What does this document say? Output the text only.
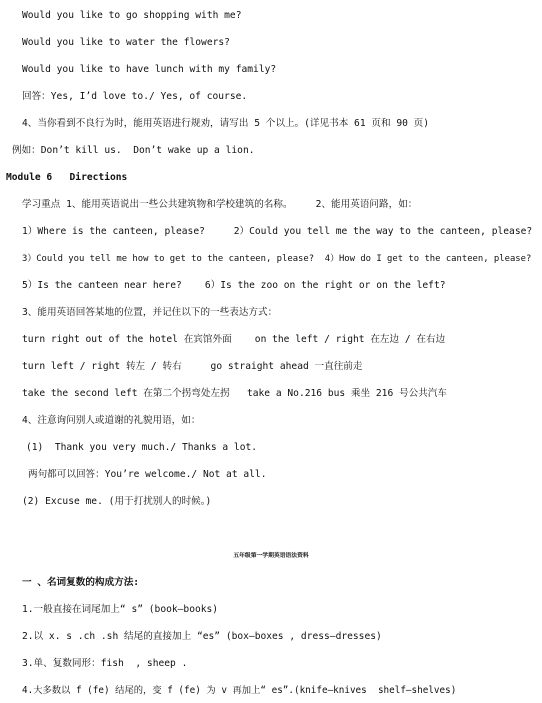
Would you like to go shopping with me?
Would you like to water the flowers?
Would you like to have lunch with my family?
回答：Yes, I’d love to./ Yes, of course.
4、当你看到不良行为时，能用英语进行规劝，请写出 5 个以上。(详见书本 61 页和 90 页)
例如：Don’t kill us.  Don’t wake up a lion.
Module 6   Directions
学习重点 1、能用英语说出一些公共建筑物和学校建筑的名称。    2、能用英语问路，如：
1）Where is the canteen, please?     2）Could you tell me the way to the canteen, please?
3）Could you tell me how to get to the canteen, please?  4）How do I get to the canteen, please?
5）Is the canteen near here?    6）Is the zoo on the right or on the left?
3、能用英语回答某地的位置，并记住以下的一些表达方式：
turn right out of the hotel 在宾馆外面    on the left / right 在左边 / 在右边
turn left / right 转左 / 转右     go straight ahead 一直往前走
take the second left 在第二个拐弯处左拐   take a No.216 bus 乘坐 216 号公共汽车
4、注意询问别人或道谢的礼貌用语，如：
(1)  Thank you very much./ Thanks a lot.
两句都可以回答：You’re welcome./ Not at all.
(2) Excuse me. (用于打扰别人的时候。)
五年级第一学期英语语法资料
一 、名词复数的构成方法:
1.一般直接在词尾加上“ s” (book—books)
2.以 x. s .ch .sh 结尾的直接加上 “es” (box—boxes , dress—dresses)
3.单、复数同形：fish  , sheep .
4.大多数以 f (fe) 结尾的，变 f (fe) 为 v 再加上“ es”.(knife—knives  shelf—shelves)
